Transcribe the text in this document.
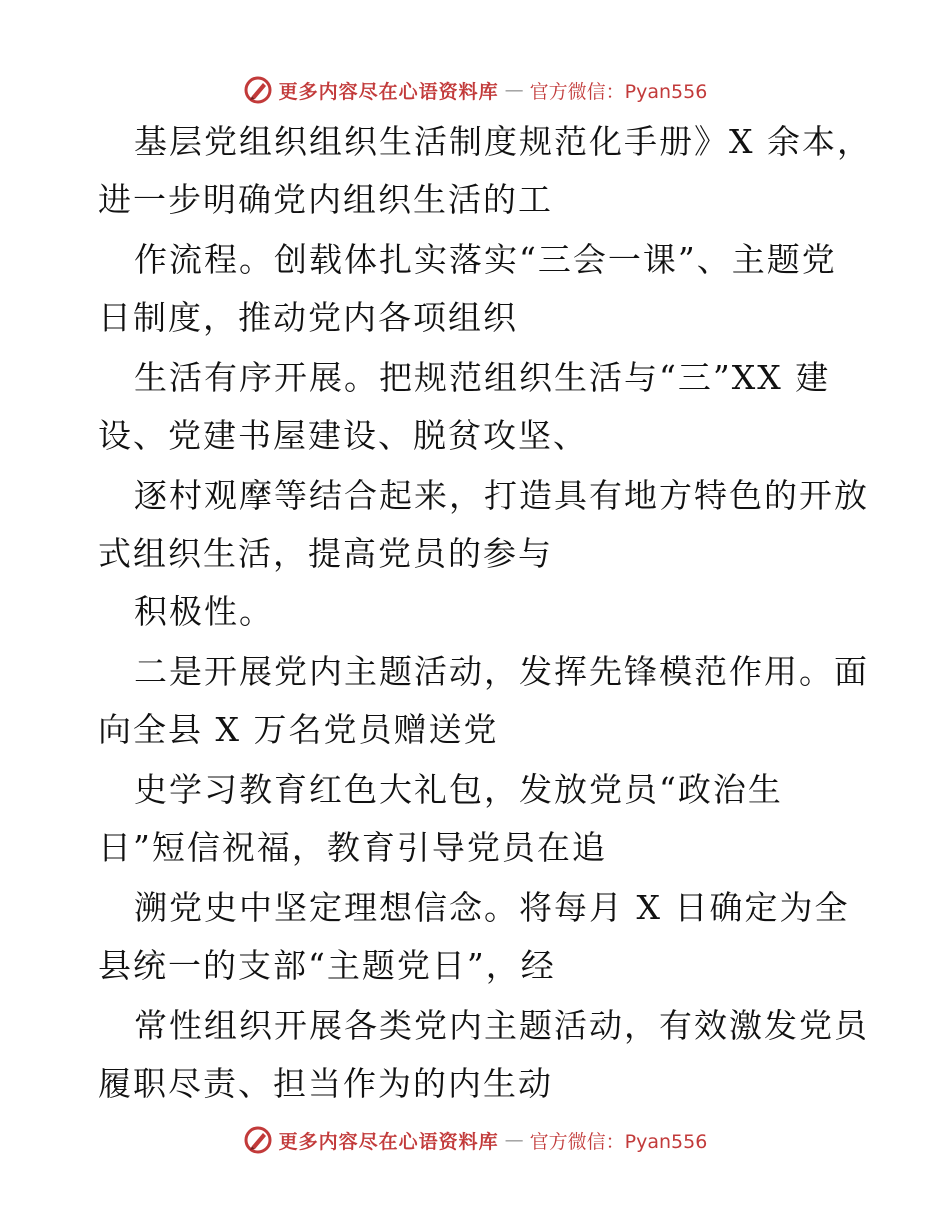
更多内容尽在心语资料库 — 官方微信：Pyan556
基层党组织组织生活制度规范化手册》X 余本，
进一步明确党内组织生活的工
作流程。创载体扎实落实“三会一课”、主题党
日制度，推动党内各项组织
生活有序开展。把规范组织生活与“三”XX 建
设、党建书屋建设、脱贫攻坚、
逐村观摩等结合起来，打造具有地方特色的开放
式组织生活，提高党员的参与
积极性。
二是开展党内主题活动，发挥先锋模范作用。面
向全县 X 万名党员赠送党
史学习教育红色大礼包，发放党员“政治生
日”短信祝福，教育引导党员在追
溯党史中坚定理想信念。将每月 X 日确定为全
县统一的支部“主题党日”，经
常性组织开展各类党内主题活动，有效激发党员
履职尽责、担当作为的内生动
更多内容尽在心语资料库 — 官方微信：Pyan556
